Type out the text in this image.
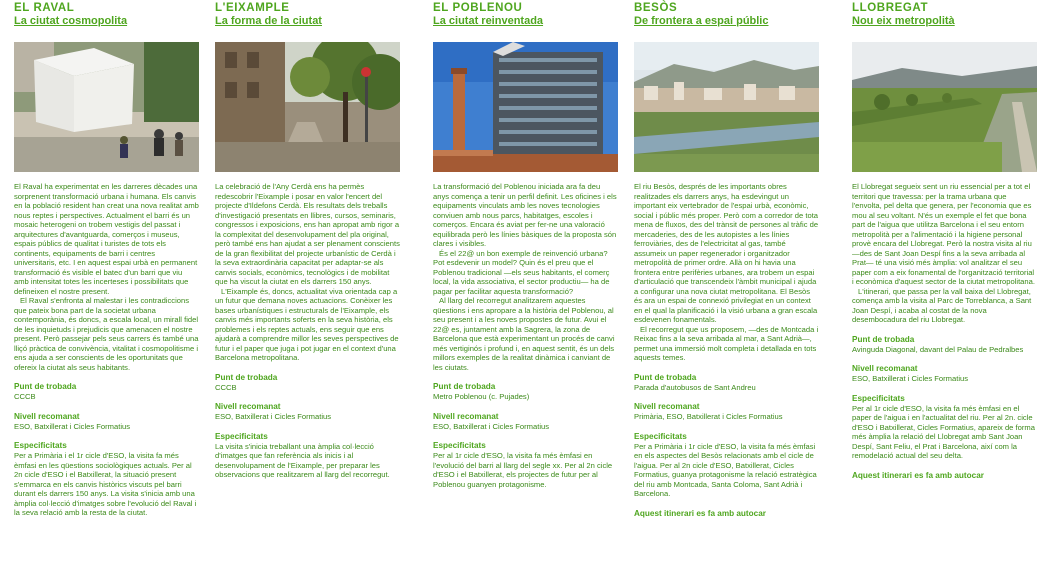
EL RAVAL
La ciutat cosmopolita

El Raval ha experimentat en les darreres dècades una sorprenent transformació urbana i humana. Els canvis en la població resident han creat una nova realitat amb nous reptes i perspectives. Actualment el barri és un mosaic heterogeni on trobem vestigis del passat i arquitectures d'avantguarda, comerços i museus, espais públics de qualitat i turistes de tots els continents, equipaments de barri i centres universitaris, etc. I en aquest espai urbà en permanent transformació és visible el batec d'un barri que viu amb intensitat totes les incerteses i possibilitats que defineixen el nostre present.

El Raval s'enfronta al malestar i les contradiccions que pateix bona part de la societat urbana contemporània, és doncs, a escala local, un mirall fidel de les inquietuds i prejudicis que amenacen el nostre present. Però passejar pels seus carrers és també una lliçó pràctica de convivència, vitalitat i cosmopolitisme i ens ajuda a ser conscients de les oportunitats que ofereix la ciutat als seus habitants.

Punt de trobada
CCCB
Nivell recomanat
ESO, Batxillerat i Cicles Formatius
Especificitats
Per a Primària i el 1r cicle d'ESO, la visita fa més èmfasi en les qüestions sociològiques actuals. Per al 2n cicle d'ESO i el Batxillerat, la situació present s'emmarca en els canvis històrics viscuts pel barri durant els darrers 150 anys. La visita s'inicia amb una àmplia col·lecció d'imatges sobre l'evolució del Raval i la seva relació amb la resta de la ciutat.
L'EIXAMPLE
La forma de la ciutat

La celebració de l'Any Cerdà ens ha permès redescobrir l'Eixample i posar en valor l'encert del projecte d'Ildefons Cerdà. Els resultats dels treballs d'investigació presentats en llibres, cursos, seminaris, congressos i exposicions, ens han apropat amb rigor a la complexitat del desenvolupament del pla original, però també ens han ajudat a ser plenament conscients de la gran flexibilitat del projecte urbanístic de Cerdà i la seva extraordinària capacitat per adaptar-se als canvis socials, econòmics, tecnològics i de mobilitat que ha viscut la ciutat en els darrers 150 anys.

L'Eixample és, doncs, actualitat viva orientada cap a un futur que demana noves actuacions. Conèixer les bases urbanístiques i estructurals de l'Eixample, els canvis més importants soferts en la seva història, els problemes i els reptes actuals, ens seguir que ens ajudarà a comprendre millor les seves perspectives de futur i el paper que juga i pot jugar en el context d'una Barcelona metropolitana.

Punt de trobada
CCCB
Nivell recomanat
ESO, Batxillerat i Cicles Formatius
Especificitats
La visita s'inicia treballant una àmplia col·lecció d'imatges que fan referència als inicis i al desenvolupament de l'Eixample, per preparar les observacions que realitzarem al llarg del recorregut.
EL POBLENOU
La ciutat reinventada

La transformació del Poblenou iniciada ara fa deu anys comença a tenir un perfil definit. Les oficines i els equipaments vinculats amb les noves tecnologies conviuen amb nous parcs, habitatges, escoles i comerços. Encara és aviat per fer-ne una valoració equilibrada però les línies bàsiques de la proposta són clares i visibles.

És el 22@ un bon exemple de reinvenció urbana? Pot esdevenir un model? Quin és el preu que el Poblenou tradicional —els seus habitants, el comerç local, la vida associativa, el sector productiu— ha de pagar per facilitar aquesta transformació?

Al llarg del recorregut analitzarem aquestes qüestions i ens apropare a la història del Poblenou, al seu present i a les noves propostes de futur. Avui el 22@ es, juntament amb la Sagrera, la zona de Barcelona que està experimentant un procés de canvi més vertiginós i profund i, en aquest sentit, és un dels millors exemples de la realitat dinàmica i canviant de les ciutats.

Punt de trobada
Metro Poblenou (c. Pujades)
Nivell recomanat
ESO, Batxillerat i Cicles Formatius
Especificitats
Per al 1r cicle d'ESO, la visita fa més èmfasi en l'evolució del barri al llarg del segle xx. Per al 2n cicle d'ESO i el Batxillerat, els projectes de futur per al Poblenou guanyen protagonisme.
BESÒS
De frontera a espai públic

El riu Besòs, després de les importants obres realitzades els darrers anys, ha esdevingut un important eix vertebrador de l'espai urbà, econòmic, social i públic més proper. Però com a corredor de tota mena de fluxos, des del trànsit de persones al tràfic de mercaderies, des de les autopistes a les línies ferroviàries, des de l'electricitat al gas, també assumeix un paper regenerador i organitzador metropolità de primer ordre. Allà on hi havia una frontera entre perifèries urbanes, ara trobem un espai d'articulació que transcendeix l'àmbit municipal i ajuda a configurar una nova ciutat metropolitana. El Besòs és ara un espai de connexió privilegiat en un context en el qual la planificació i la visió urbana a gran escala esdevenen fonamentals.

El recorregut que us proposem, —des de Montcada i Reixac fins a la seva arribada al mar, a Sant Adrià—, permet una immersió molt completa i detallada en tots aquests temes.

Punt de trobada
Parada d'autobusos de Sant Andreu
Nivell recomanat
Primària, ESO, Batxillerat i Cicles Formatius
Especificitats
Per a Primària i 1r cicle d'ESO, la visita fa més èmfasi en els aspectes del Besòs relacionats amb el cicle de l'aigua. Per al 2n cicle d'ESO, Batxillerat, Cicles Formatius, guanya protagonisme la relació estratègica del riu amb Montcada, Santa Coloma, Sant Adrià i Barcelona.
Aquest itinerari es fa amb autocar
LLOBREGAT
Nou eix metropolità

El Llobregat segueix sent un riu essencial per a tot el territori que travessa: per la trama urbana que l'envolta, pel delta que genera, per l'economia que es mou al seu voltant. N'és un exemple el fet que bona part de l'aigua que utilitza Barcelona i el seu entorn metropolità per a l'alimentació i la higiene personal provè encara del Llobregat. Però la nostra visita al riu —des de Sant Joan Despí fins a la seva arribada al Prat— té una visió més àmplia: vol analitzar el seu paper com a eix fonamental de l'organització territorial i econòmica d'aquest sector de la ciutat metropolitana.

L'itinerari, que passa per la vall baixa del Llobregat, comença amb la visita al Parc de Torreblanca, a Sant Joan Despí, i acaba al costat de la nova desembocadura del riu Llobregat.

Punt de trobada
Avinguda Diagonal, davant del Palau de Pedralbes
Nivell recomanat
ESO, Batxillerat i Cicles Formatius
Especificitats
Per al 1r cicle d'ESO, la visita fa més èmfasi en el paper de l'aigua i en l'actualitat del riu. Per al 2n. cicle d'ESO i Batxillerat, Cicles Formatius, apareix de forma més àmplia la relació del Llobregat amb Sant Joan Despí, Sant Feliu, el Prat i Barcelona, així com la remodelació actual del seu delta.
Aquest itinerari es fa amb autocar
